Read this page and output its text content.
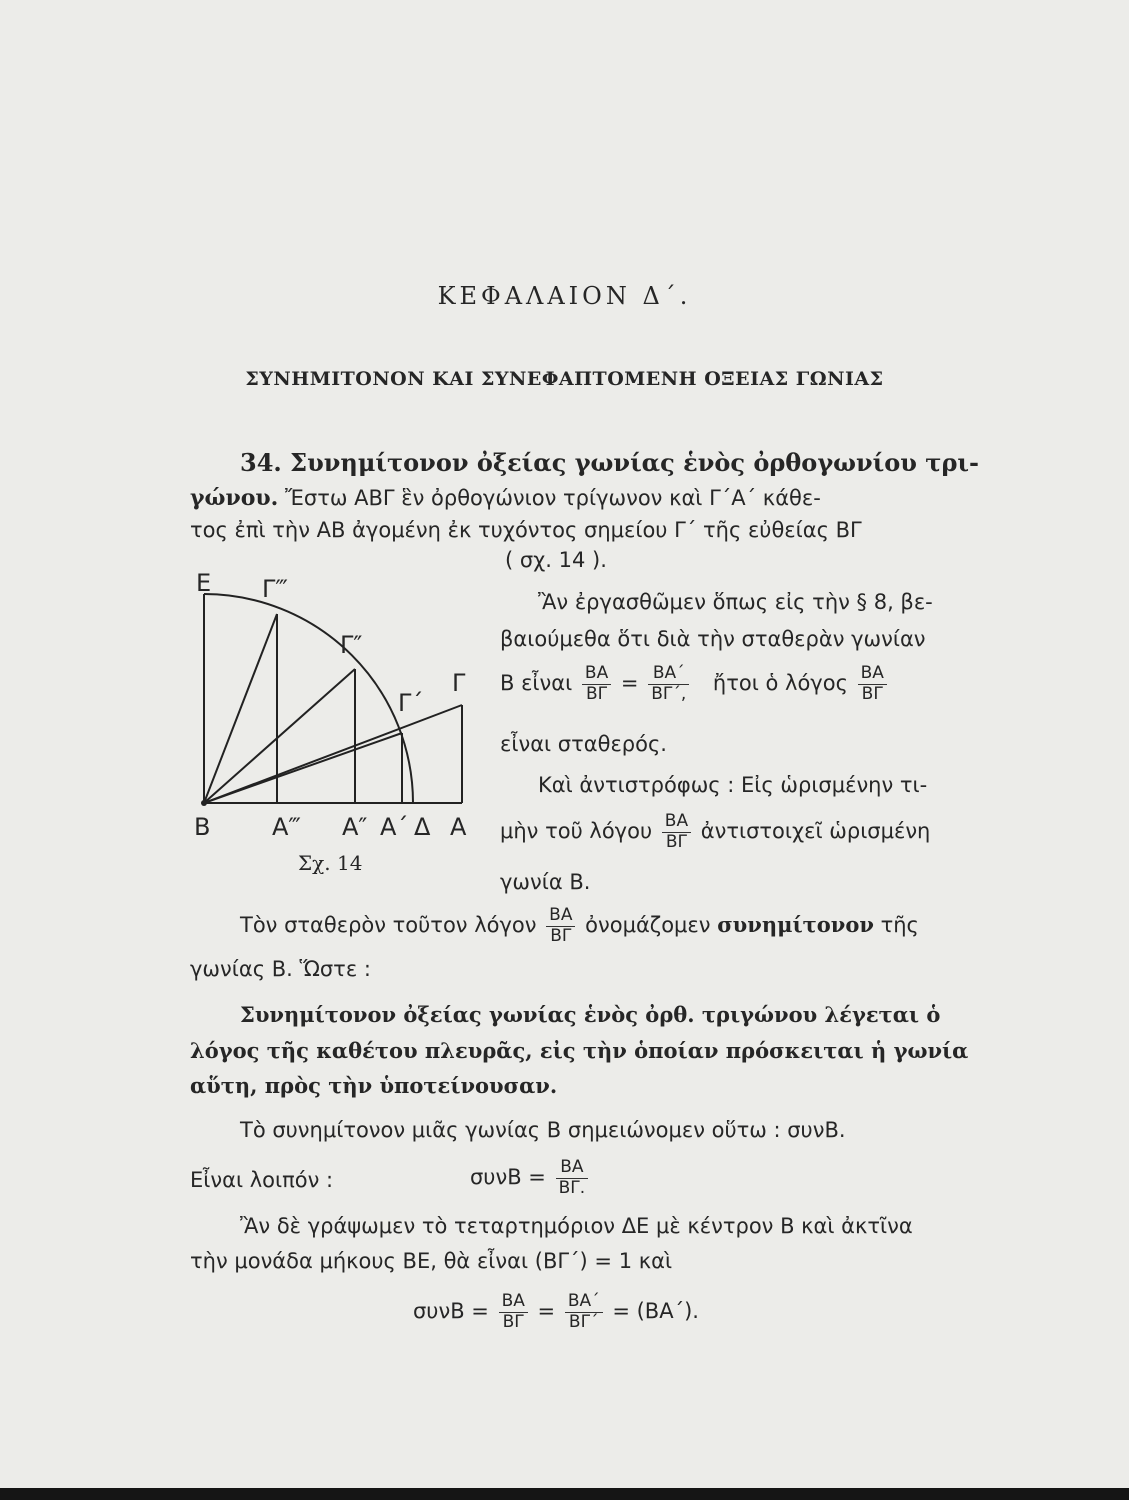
ΚΕΦΑΛΑΙΟΝ Δ΄.

ΣΥΝΗΜΙΤΟΝΟΝ ΚΑΙ ΣΥΝΕΦΑΠΤΟΜΕΝΗ ΟΞΕΙΑΣ ΓΩΝΙΑΣ

34. Συνημίτονον ὀξείας γωνίας ἑνὸς ὀρθογωνίου τρι-

γώνου. Ἔστω ΑΒΓ ἓν ὀρθογώνιον τρίγωνον καὶ Γ΄Α΄ κάθε-

τος ἐπὶ τὴν ΑΒ ἀγομένη ἐκ τυχόντος σημείου Γ΄ τῆς εὐθείας ΒΓ

( σχ. 14 ).

Ε Γ‴
Γ″
Γ΄
Γ
Β	Α‴ Α″ Α΄ Δ Α
Σχ. 14

Ἂν ἐργασθῶμεν ὅπως εἰς τὴν § 8, βε-

βαιούμεθα ὅτι διὰ τὴν σταθερὰν γωνίαν

Β εἶναι $\frac{BA}{B\Gamma} = \frac{BA΄}{B\Gamma΄,}$ ἤτοι ὁ λόγος $\frac{BA}{B\Gamma}$

εἶναι σταθερός.

Καὶ ἀντιστρόφως : Εἰς ὡρισμένην τι-

μὴν τοῦ λόγου $\frac{BA}{B\Gamma}$ ἀντιστοιχεῖ ὡρισμένη

γωνία Β.

Τὸν σταθερὸν τοῦτον λόγον $\frac{BA}{B\Gamma}$ ὀνομάζομεν συνημίτονον τῆς

γωνίας Β. Ὥστε :

Συνημίτονον ὀξείας γωνίας ἑνὸς ὀρθ. τριγώνου λέγεται ὁ

λόγος τῆς καθέτου πλευρᾶς, εἰς τὴν ὁποίαν πρόσκειται ἡ γωνία

αὕτη, πρὸς τὴν ὑποτείνουσαν.

Τὸ συνημίτονον μιᾶς γωνίας Β σημειώνομεν οὕτω : συνΒ.

Εἶναι λοιπόν :	$\sigma\upsilon\nu B = \frac{BA}{B\Gamma.}$

Ἂν δὲ γράψωμεν τὸ τεταρτημόριον ΔΕ μὲ κέντρον Β καὶ ἀκτῖνα

τὴν μονάδα μήκους ΒΕ, θὰ εἶναι (ΒΓ΄) = 1 καὶ

$\sigma\upsilon\nu B = \frac{BA}{B\Gamma} = \frac{BA΄}{B\Gamma΄} = (BA΄)$.
